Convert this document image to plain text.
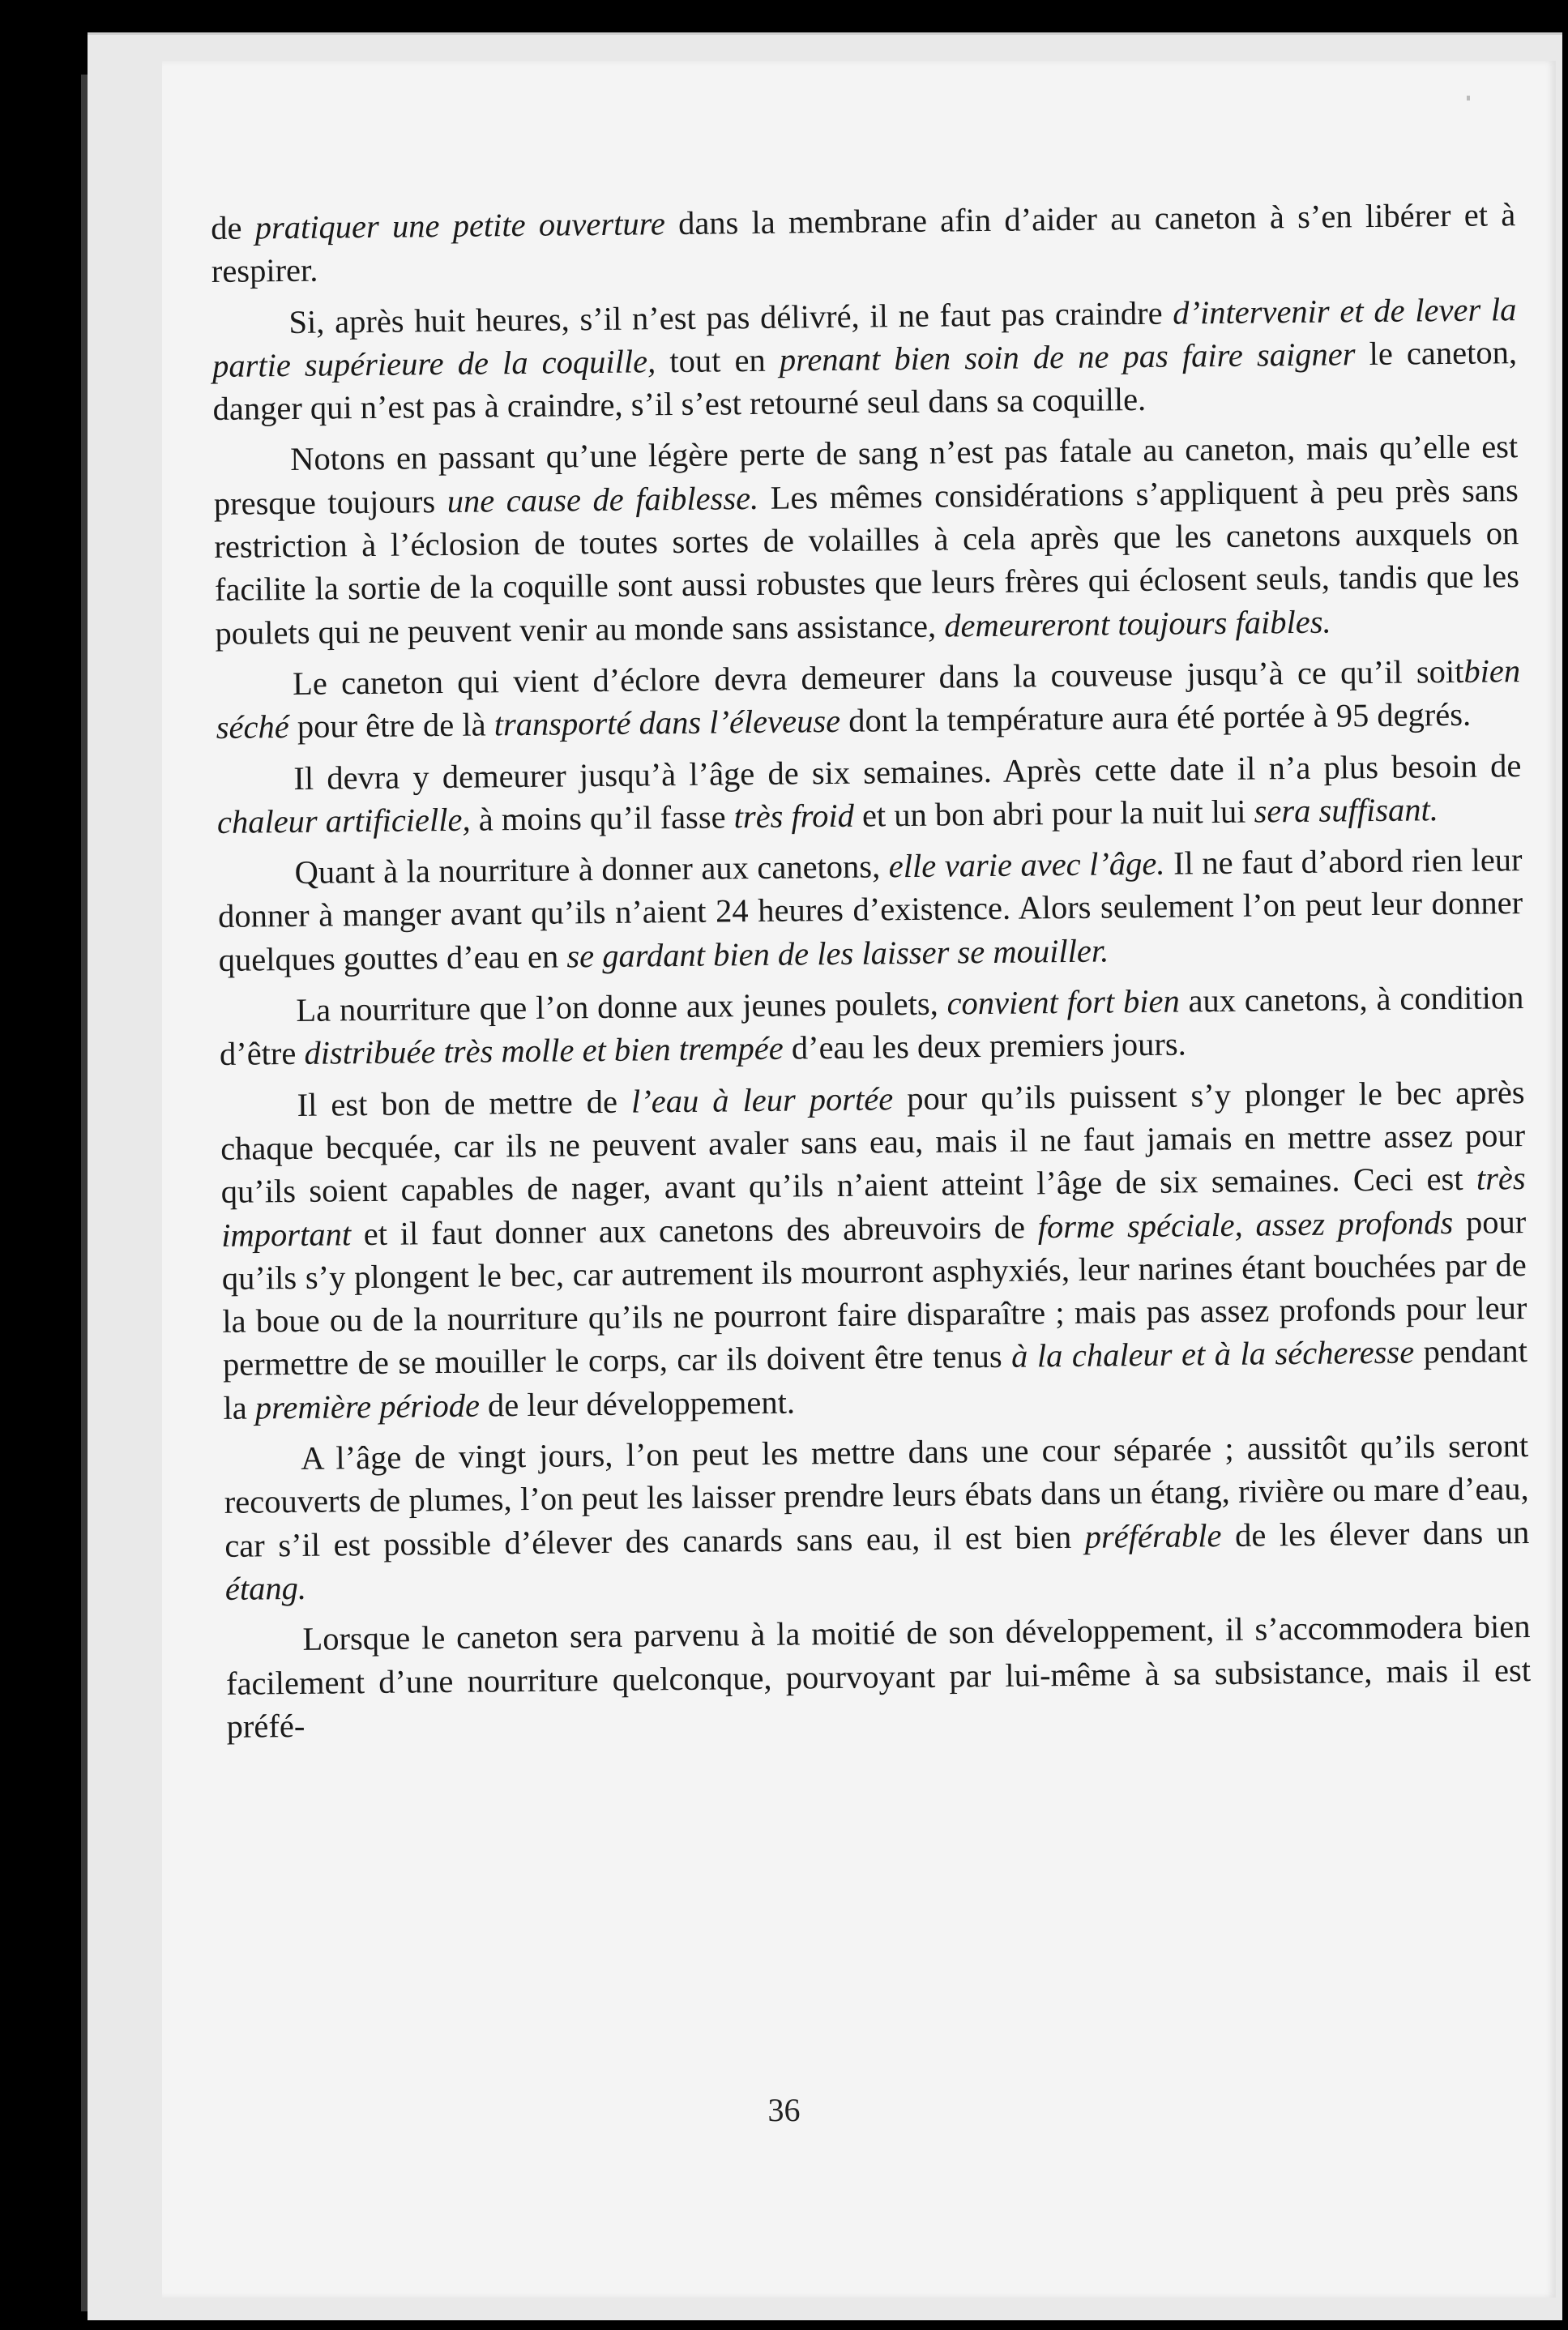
de pratiquer une petite ouverture dans la membrane afin d’aider au caneton à s’en libérer et à respirer.

Si, après huit heures, s’il n’est pas délivré, il ne faut pas craindre d’intervenir et de lever la partie supérieure de la coquille, tout en prenant bien soin de ne pas faire saigner le caneton, danger qui n’est pas à craindre, s’il s’est retourné seul dans sa coquille.

Notons en passant qu’une légère perte de sang n’est pas fatale au caneton, mais qu’elle est presque toujours une cause de faiblesse. Les mêmes considérations s’appliquent à peu près sans restriction à l’éclosion de toutes sortes de volailles à cela après que les canetons auxquels on facilite la sortie de la coquille sont aussi robustes que leurs frères qui éclosent seuls, tandis que les poulets qui ne peuvent venir au monde sans assistance, demeureront toujours faibles.

Le caneton qui vient d’éclore devra demeurer dans la couveuse jusqu’à ce qu’il soitbien séché pour être de là transporté dans l’éleveuse dont la température aura été portée à 95 degrés.

Il devra y demeurer jusqu’à l’âge de six semaines. Après cette date il n’a plus besoin de chaleur artificielle, à moins qu’il fasse très froid et un bon abri pour la nuit lui sera suffisant.

Quant à la nourriture à donner aux canetons, elle varie avec l’âge. Il ne faut d’abord rien leur donner à manger avant qu’ils n’aient 24 heures d’existence. Alors seulement l’on peut leur donner quelques gouttes d’eau en se gardant bien de les laisser se mouiller.

La nourriture que l’on donne aux jeunes poulets, convient fort bien aux canetons, à condition d’être distribuée très molle et bien trempée d’eau les deux premiers jours.

Il est bon de mettre de l’eau à leur portée pour qu’ils puissent s’y plonger le bec après chaque becquée, car ils ne peuvent avaler sans eau, mais il ne faut jamais en mettre assez pour qu’ils soient capables de nager, avant qu’ils n’aient atteint l’âge de six semaines. Ceci est très important et il faut donner aux canetons des abreuvoirs de forme spéciale, assez profonds pour qu’ils s’y plongent le bec, car autrement ils mourront asphyxiés, leur narines étant bouchées par de la boue ou de la nourriture qu’ils ne pourront faire disparaître ; mais pas assez profonds pour leur permettre de se mouiller le corps, car ils doivent être tenus à la chaleur et à la sécheresse pendant la première période de leur développement.

A l’âge de vingt jours, l’on peut les mettre dans une cour séparée ; aussitôt qu’ils seront recouverts de plumes, l’on peut les laisser prendre leurs ébats dans un étang, rivière ou mare d’eau, car s’il est possible d’élever des canards sans eau, il est bien préférable de les élever dans un étang.

Lorsque le caneton sera parvenu à la moitié de son développement, il s’accommodera bien facilement d’une nourriture quelconque, pourvoyant par lui-même à sa subsistance, mais il est préfé-

36
